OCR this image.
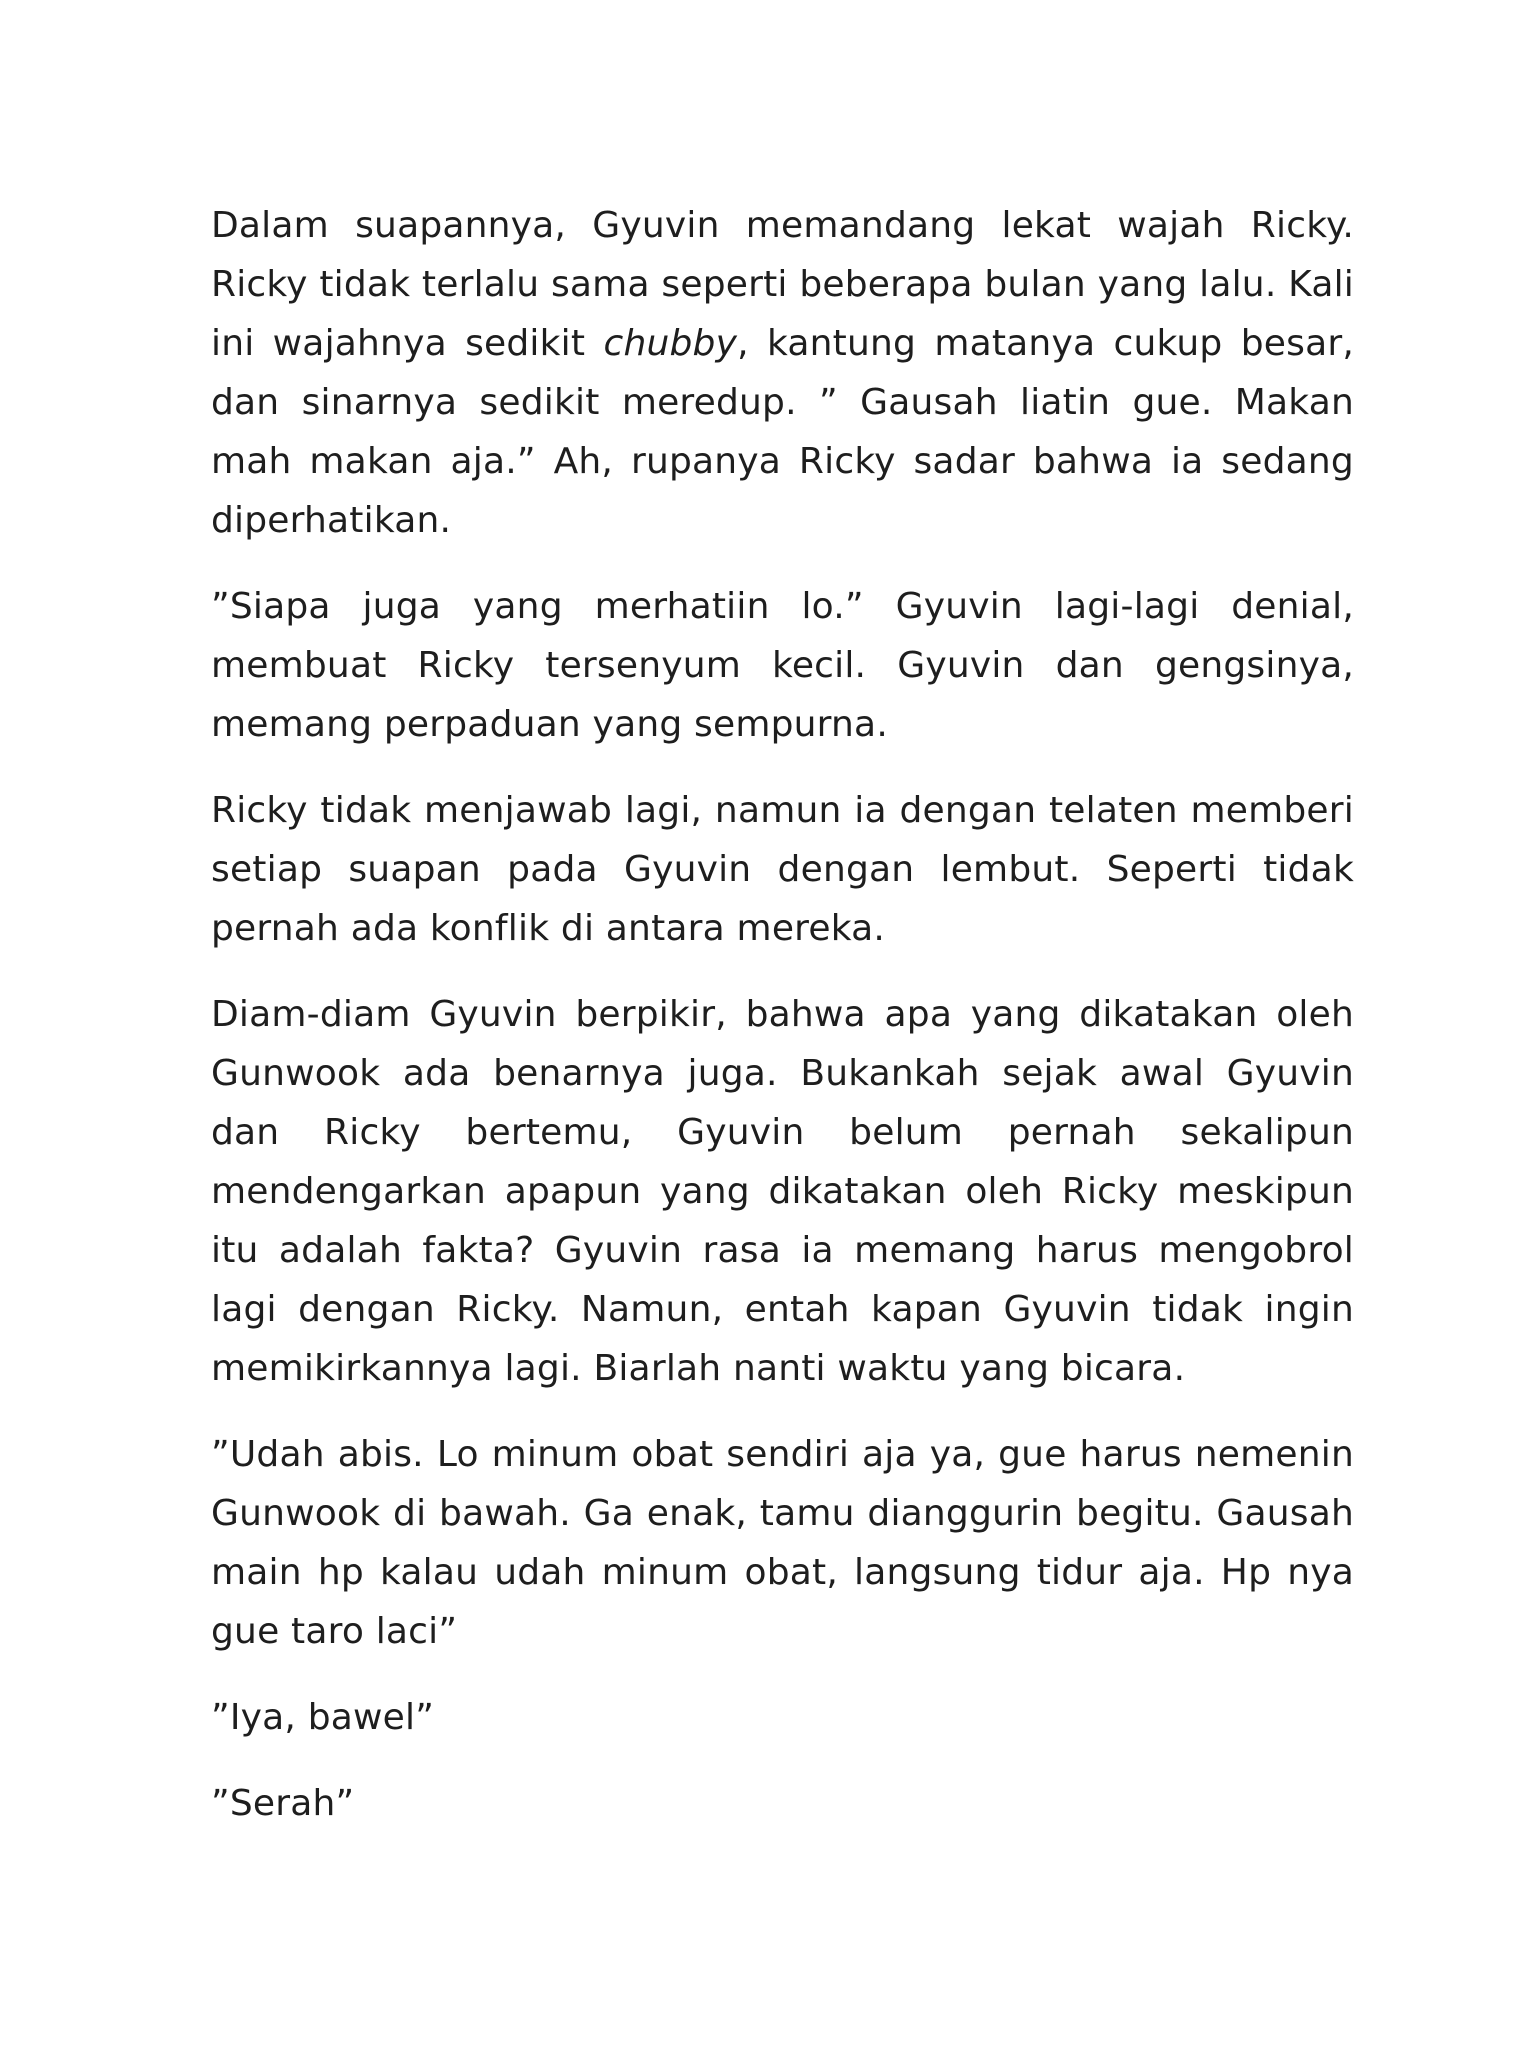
Dalam suapannya, Gyuvin memandang lekat wajah Ricky. Ricky tidak terlalu sama seperti beberapa bulan yang lalu. Kali ini wajahnya sedikit chubby, kantung matanya cukup besar, dan sinarnya sedikit meredup. ” Gausah liatin gue. Makan mah makan aja.” Ah, rupanya Ricky sadar bahwa ia sedang diperhatikan.

”Siapa juga yang merhatiin lo.” Gyuvin lagi-lagi denial, membuat Ricky tersenyum kecil. Gyuvin dan gengsinya, memang perpaduan yang sempurna.

Ricky tidak menjawab lagi, namun ia dengan telaten memberi setiap suapan pada Gyuvin dengan lembut. Seperti tidak pernah ada konflik di antara mereka.

Diam-diam Gyuvin berpikir, bahwa apa yang dikatakan oleh Gunwook ada benarnya juga. Bukankah sejak awal Gyuvin dan Ricky bertemu, Gyuvin belum pernah sekalipun mendengarkan apapun yang dikatakan oleh Ricky meskipun itu adalah fakta? Gyuvin rasa ia memang harus mengobrol lagi dengan Ricky. Namun, entah kapan Gyuvin tidak ingin memikirkannya lagi. Biarlah nanti waktu yang bicara.

”Udah abis. Lo minum obat sendiri aja ya, gue harus nemenin Gunwook di bawah. Ga enak, tamu dianggurin begitu. Gausah main hp kalau udah minum obat, langsung tidur aja. Hp nya gue taro laci”

”Iya, bawel”

”Serah”
